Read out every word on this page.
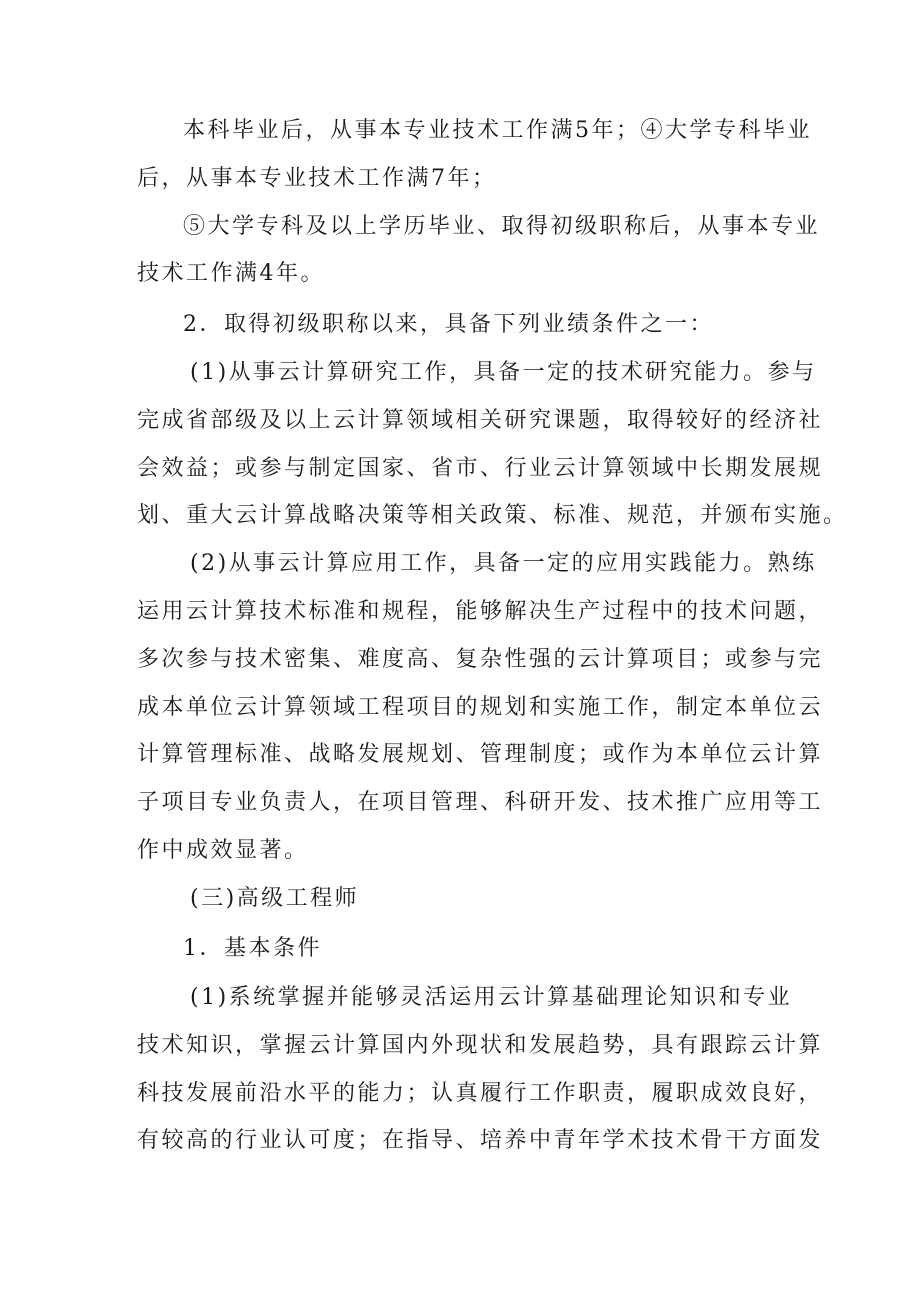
本科毕业后，从事本专业技术工作满5年；④大学专科毕业
后，从事本专业技术工作满7年；
⑤大学专科及以上学历毕业、取得初级职称后，从事本专业
技术工作满4年。
2．取得初级职称以来，具备下列业绩条件之一：
(1)从事云计算研究工作，具备一定的技术研究能力。参与
完成省部级及以上云计算领域相关研究课题，取得较好的经济社
会效益；或参与制定国家、省市、行业云计算领域中长期发展规
划、重大云计算战略决策等相关政策、标准、规范，并颁布实施。
(2)从事云计算应用工作，具备一定的应用实践能力。熟练
运用云计算技术标准和规程，能够解决生产过程中的技术问题，
多次参与技术密集、难度高、复杂性强的云计算项目；或参与完
成本单位云计算领域工程项目的规划和实施工作，制定本单位云
计算管理标准、战略发展规划、管理制度；或作为本单位云计算
子项目专业负责人，在项目管理、科研开发、技术推广应用等工
作中成效显著。
(三)高级工程师
1．基本条件
(1)系统掌握并能够灵活运用云计算基础理论知识和专业
技术知识，掌握云计算国内外现状和发展趋势，具有跟踪云计算
科技发展前沿水平的能力；认真履行工作职责，履职成效良好，
有较高的行业认可度；在指导、培养中青年学术技术骨干方面发
